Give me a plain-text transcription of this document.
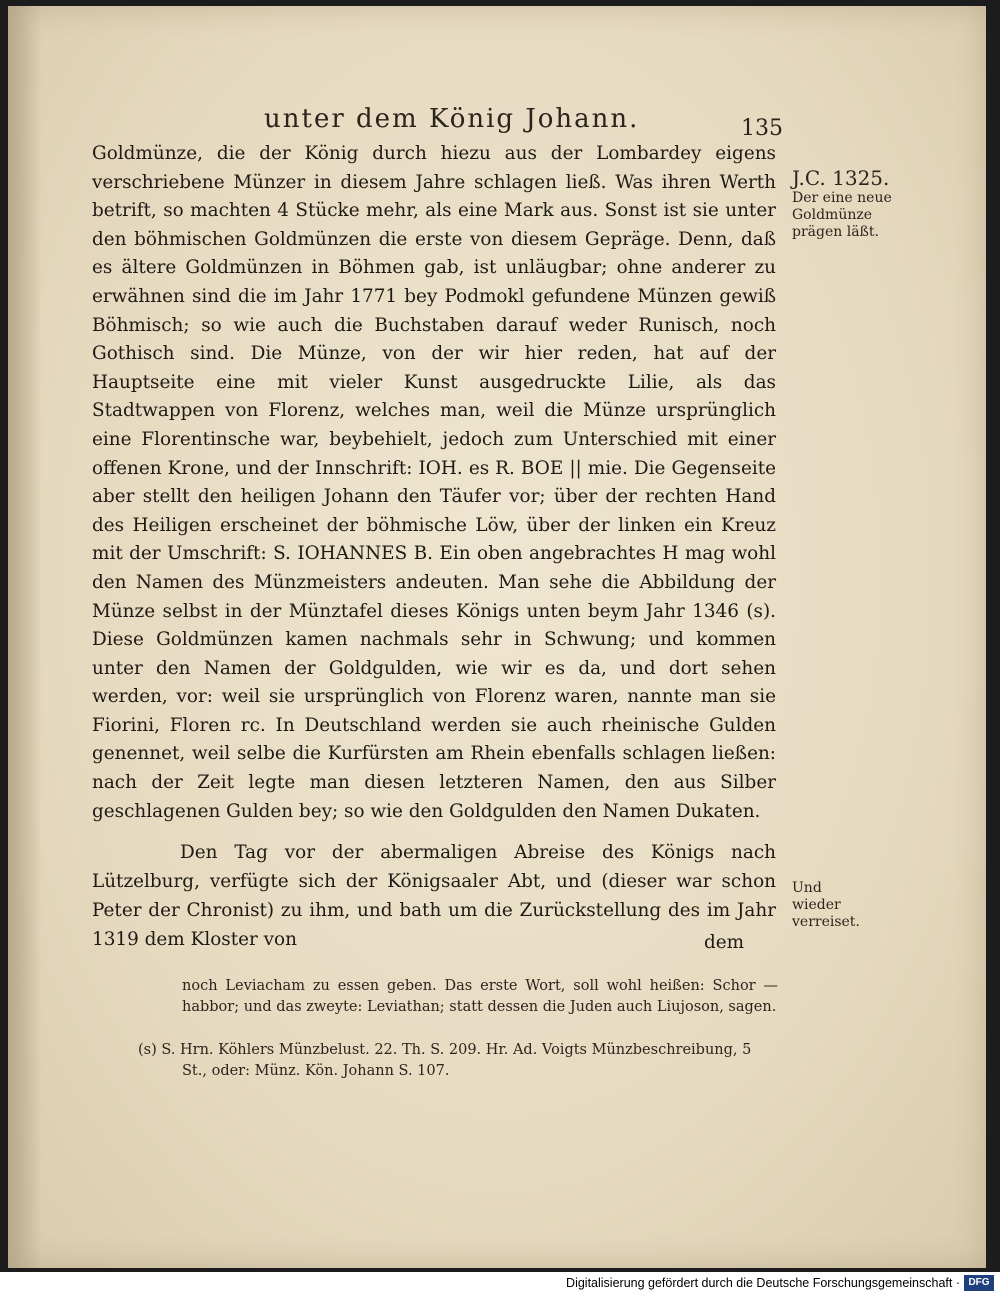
unter dem König Johann.	135

Goldmünze, die der König durch hiezu aus der Lombardey eigens verschriebene Münzer in diesem Jahre schlagen ließ. Was ihren Werth betrift, so machten 4 Stücke mehr, als eine Mark aus. Sonst ist sie unter den böhmischen Goldmünzen die erste von diesem Gepräge. Denn, daß es ältere Goldmünzen in Böhmen gab, ist unläugbar; ohne anderer zu erwähnen sind die im Jahr 1771 bey Podmokl gefundene Münzen gewiß Böhmisch; so wie auch die Buchstaben darauf weder Runisch, noch Gothisch sind. Die Münze, von der wir hier reden, hat auf der Hauptseite eine mit vieler Kunst ausgedruckte Lilie, als das Stadtwappen von Florenz, welches man, weil die Münze ursprünglich eine Florentinsche war, beybehielt, jedoch zum Unterschied mit einer offenen Krone, und der Innschrift: IOH. es R. BOE || mie. Die Gegenseite aber stellt den heiligen Johann den Täufer vor; über der rechten Hand des Heiligen erscheinet der böhmische Löw, über der linken ein Kreuz mit der Umschrift: S. IOHANNES B. Ein oben angebrachtes H mag wohl den Namen des Münzmeisters andeuten. Man sehe die Abbildung der Münze selbst in der Münztafel dieses Königs unten beym Jahr 1346 (s). Diese Goldmünzen kamen nachmals sehr in Schwung; und kommen unter den Namen der Goldgulden, wie wir es da, und dort sehen werden, vor: weil sie ursprünglich von Florenz waren, nannte man sie Fiorini, Floren rc. In Deutschland werden sie auch rheinische Gulden genennet, weil selbe die Kurfürsten am Rhein ebenfalls schlagen ließen: nach der Zeit legte man diesen letzteren Namen, den aus Silber geschlagenen Gulden bey; so wie den Goldgulden den Namen Dukaten.

J.C. 1325.
Der eine neue Goldmünze prägen läßt.

Den Tag vor der abermaligen Abreise des Königs nach Lützelburg, verfügte sich der Königsaaler Abt, und (dieser war schon Peter der Chronist) zu ihm, und bath um die Zurückstellung des im Jahr 1319 dem Kloster von

Und wieder verreiset.
dem

noch Leviacham zu essen geben. Das erste Wort, soll wohl heißen: Schor — habbor; und das zweyte: Leviathan; statt dessen die Juden auch Liujoson, sagen.

(s) S. Hrn. Köhlers Münzbelust. 22. Th. S. 209. Hr. Ad. Voigts Münzbeschreibung, 5 St., oder: Münz. Kön. Johann S. 107.

Digitalisierung gefördert durch die Deutsche Forschungsgemeinschaft · DFG
